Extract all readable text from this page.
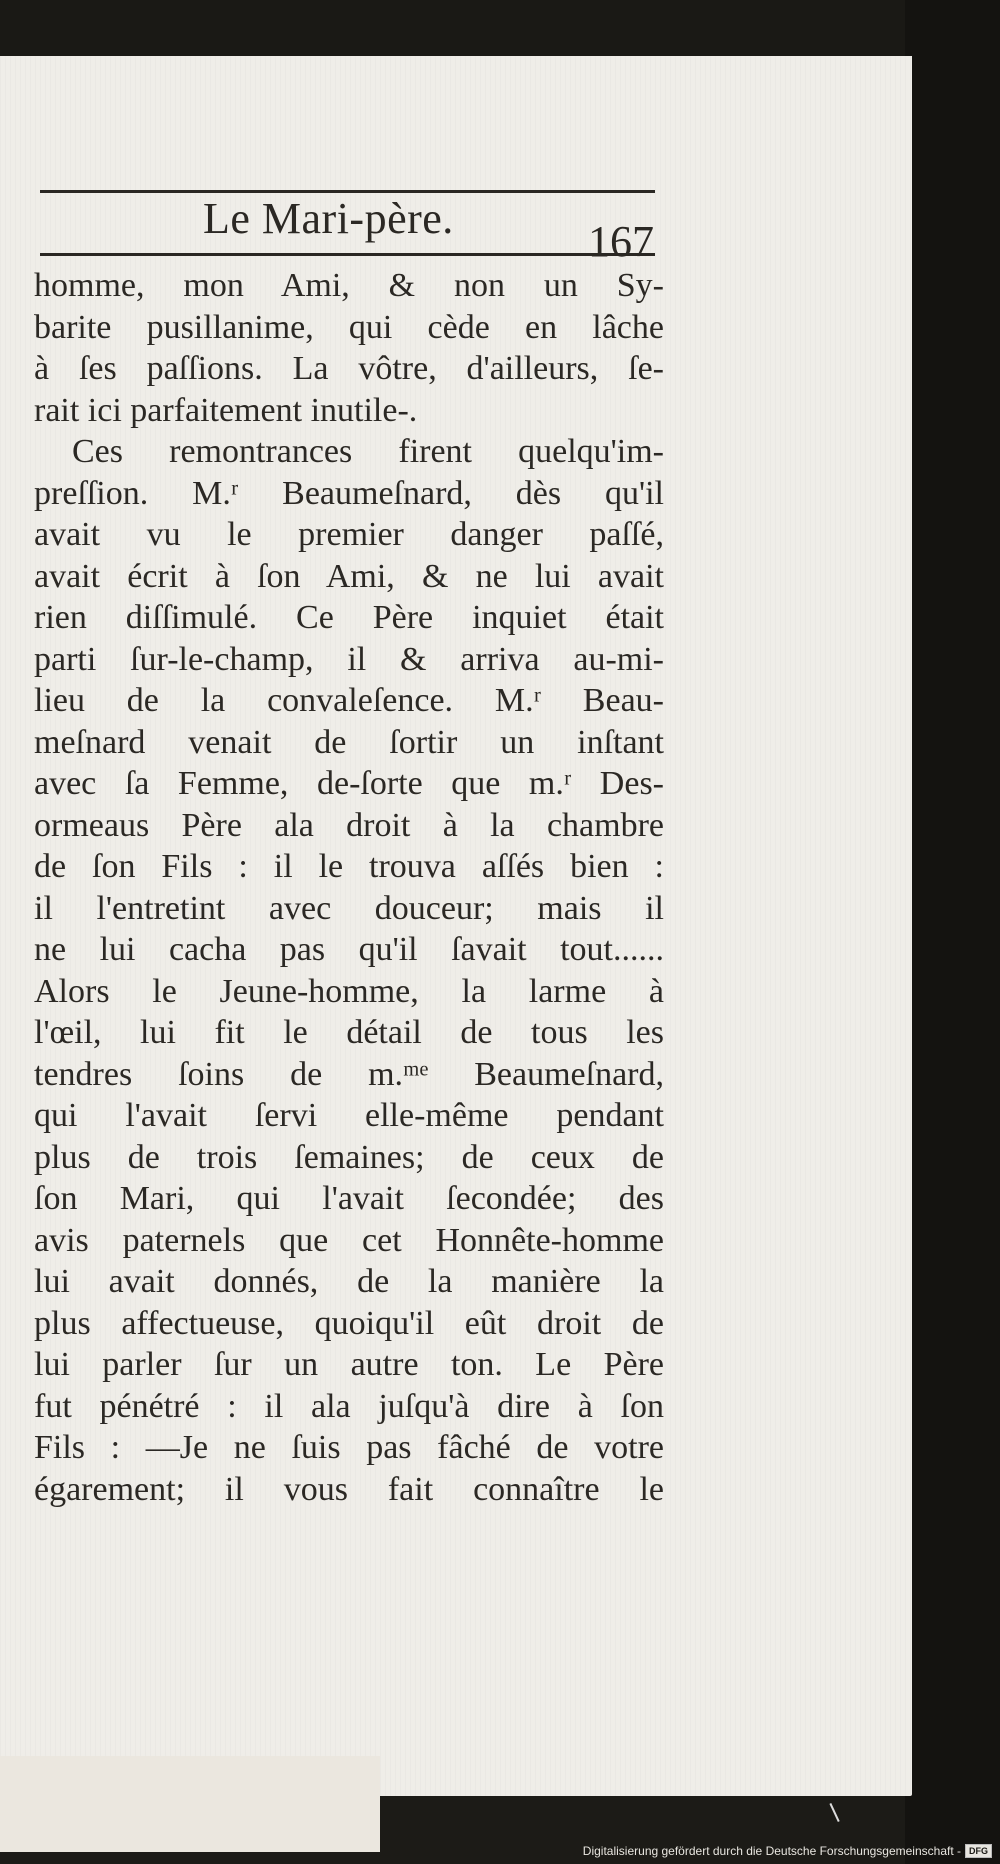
Le Mari-père.	167
homme, mon Ami, & non un Sy-
barite pusillanime, qui cède en lâche
à ſes paſſions. La vôtre, d'ailleurs, ſe-
rait ici parfaitement inutile-.
Ces remontrances firent quelqu'im-
preſſion. M.ʳ Beaumeſnard, dès qu'il
avait vu le premier danger paſſé,
avait écrit à ſon Ami, & ne lui avait
rien diſſimulé. Ce Père inquiet était
parti ſur-le-champ, il & arriva au-mi-
lieu de la convaleſence. M.ʳ Beau-
meſnard venait de ſortir un inſtant
avec ſa Femme, de-ſorte que m.ʳ Des-
ormeaus Père ala droit à la chambre
de ſon Fils : il le trouva aſſés bien :
il l'entretint avec douceur; mais il
ne lui cacha pas qu'il ſavait tout......
Alors le Jeune-homme, la larme à
l'œil, lui fit le détail de tous les
tendres ſoins de m.ᵐᵉ Beaumeſnard,
qui l'avait ſervi elle-même pendant
plus de trois ſemaines; de ceux de
ſon Mari, qui l'avait ſecondée; des
avis paternels que cet Honnête-homme
lui avait donnés, de la manière la
plus affectueuse, quoiqu'il eût droit de
lui parler ſur un autre ton. Le Père
fut pénétré : il ala juſqu'à dire à ſon
Fils : —Je ne ſuis pas fâché de votre
égarement; il vous fait connaître le
Digitalisierung gefördert durch die Deutsche Forschungsgemeinschaft - DFG
